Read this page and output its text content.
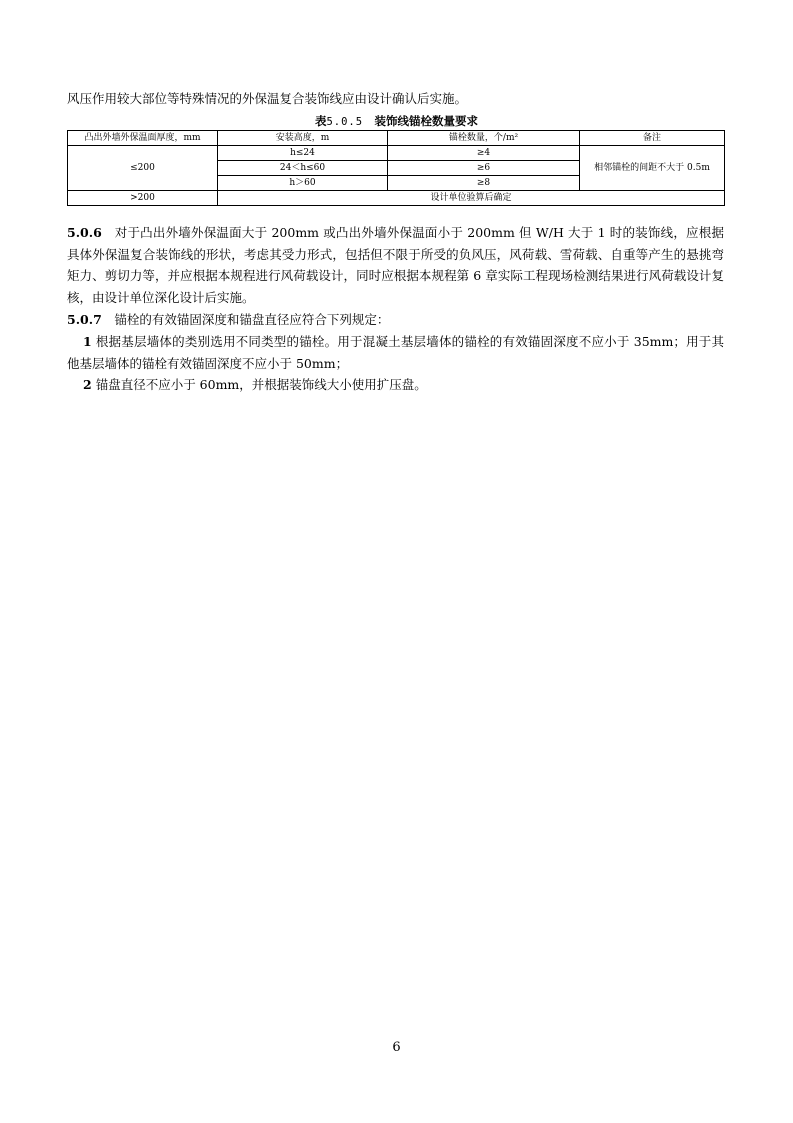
风压作用较大部位等特殊情况的外保温复合装饰线应由设计确认后实施。
表5.0.5　 装饰线锚栓数量要求
凸出外墙外保温面厚度，mm	安装高度，m	锚栓数量，个/m²	备注
≤200	h≤24	≥4	相邻锚栓的间距不大于 0.5m
	24＜h≤60	≥6	
	h＞60	≥8	
>200	设计单位验算后确定		
5.0.6　 对于凸出外墙外保温面大于 200mm 或凸出外墙外保温面小于 200mm 但 W/H 大于 1 时的装饰线，应根据具体外保温复合装饰线的形状，考虑其受力形式，包括但不限于所受的负风压，风荷载、雪荷载、自重等产生的悬挑弯矩力、剪切力等，并应根据本规程进行风荷载设计，同时应根据本规程第 6 章实际工程现场检测结果进行风荷载设计复核，由设计单位深化设计后实施。
5.0.7　 锚栓的有效锚固深度和锚盘直径应符合下列规定：
1 根据基层墙体的类别选用不同类型的锚栓。用于混凝土基层墙体的锚栓的有效锚固深度不应小于 35mm；用于其他基层墙体的锚栓有效锚固深度不应小于 50mm；
2 锚盘直径不应小于 60mm，并根据装饰线大小使用扩压盘。
6
